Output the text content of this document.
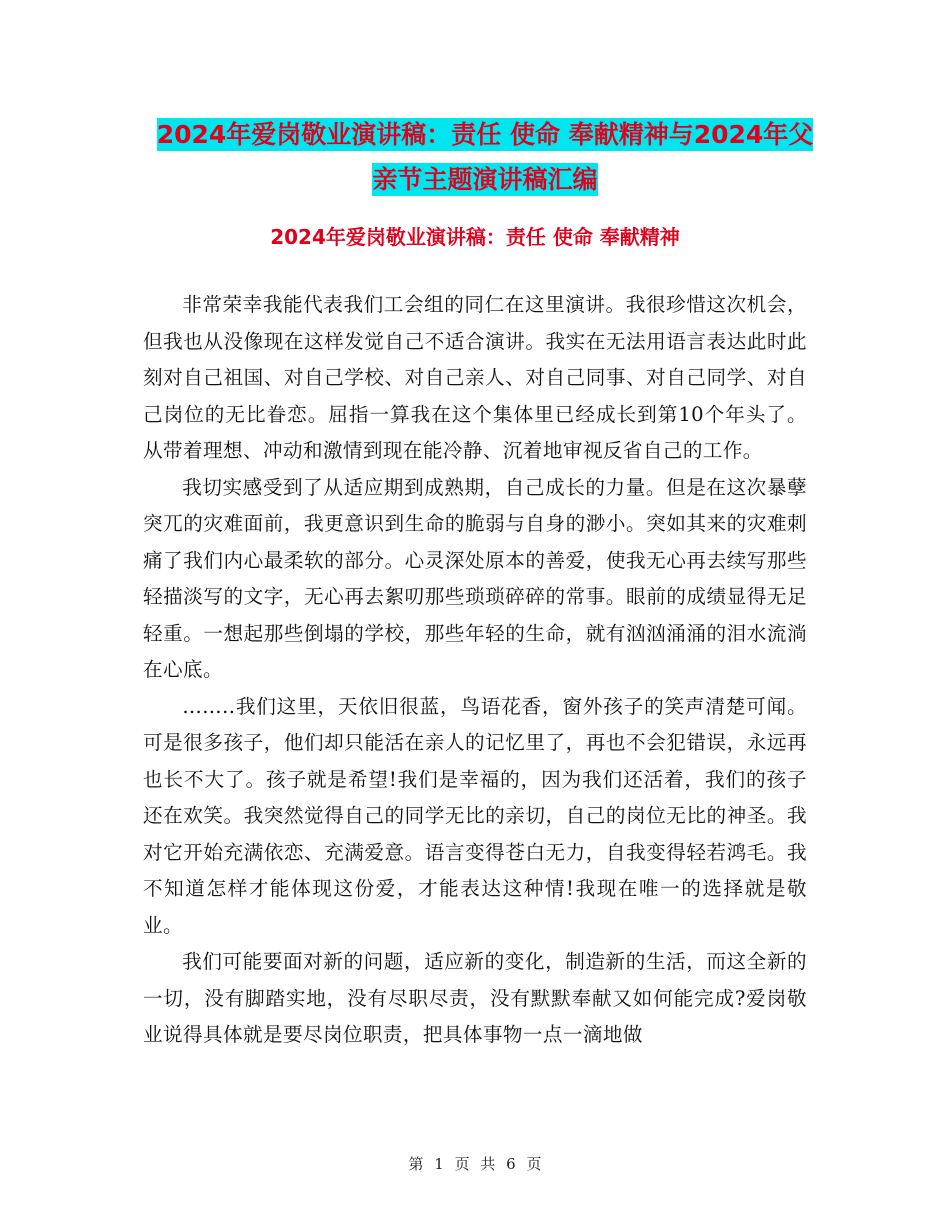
2024年爱岗敬业演讲稿：责任 使命 奉献精神与2024年父亲节主题演讲稿汇编
2024年爱岗敬业演讲稿：责任 使命 奉献精神

非常荣幸我能代表我们工会组的同仁在这里演讲。我很珍惜这次机会，但我也从没像现在这样发觉自己不适合演讲。我实在无法用语言表达此时此刻对自己祖国、对自己学校、对自己亲人、对自己同事、对自己同学、对自己岗位的无比眷恋。屈指一算我在这个集体里已经成长到第10个年头了。从带着理想、冲动和激情到现在能冷静、沉着地审视反省自己的工作。

我切实感受到了从适应期到成熟期，自己成长的力量。但是在这次暴孽突兀的灾难面前，我更意识到生命的脆弱与自身的渺小。突如其来的灾难刺痛了我们内心最柔软的部分。心灵深处原本的善爱，使我无心再去续写那些轻描淡写的文字，无心再去絮叨那些琐琐碎碎的常事。眼前的成绩显得无足轻重。一想起那些倒塌的学校，那些年轻的生命，就有汹汹涌涌的泪水流淌在心底。

……..我们这里，天依旧很蓝，鸟语花香，窗外孩子的笑声清楚可闻。可是很多孩子，他们却只能活在亲人的记忆里了，再也不会犯错误，永远再也长不大了。孩子就是希望!我们是幸福的，因为我们还活着，我们的孩子还在欢笑。我突然觉得自己的同学无比的亲切，自己的岗位无比的神圣。我对它开始充满依恋、充满爱意。语言变得苍白无力，自我变得轻若鸿毛。我不知道怎样才能体现这份爱，才能表达这种情!我现在唯一的选择就是敬业。

我们可能要面对新的问题，适应新的变化，制造新的生活，而这全新的一切，没有脚踏实地，没有尽职尽责，没有默默奉献又如何能完成?爱岗敬业说得具体就是要尽岗位职责，把具体事物一点一滴地做

第 1 页 共 6 页
